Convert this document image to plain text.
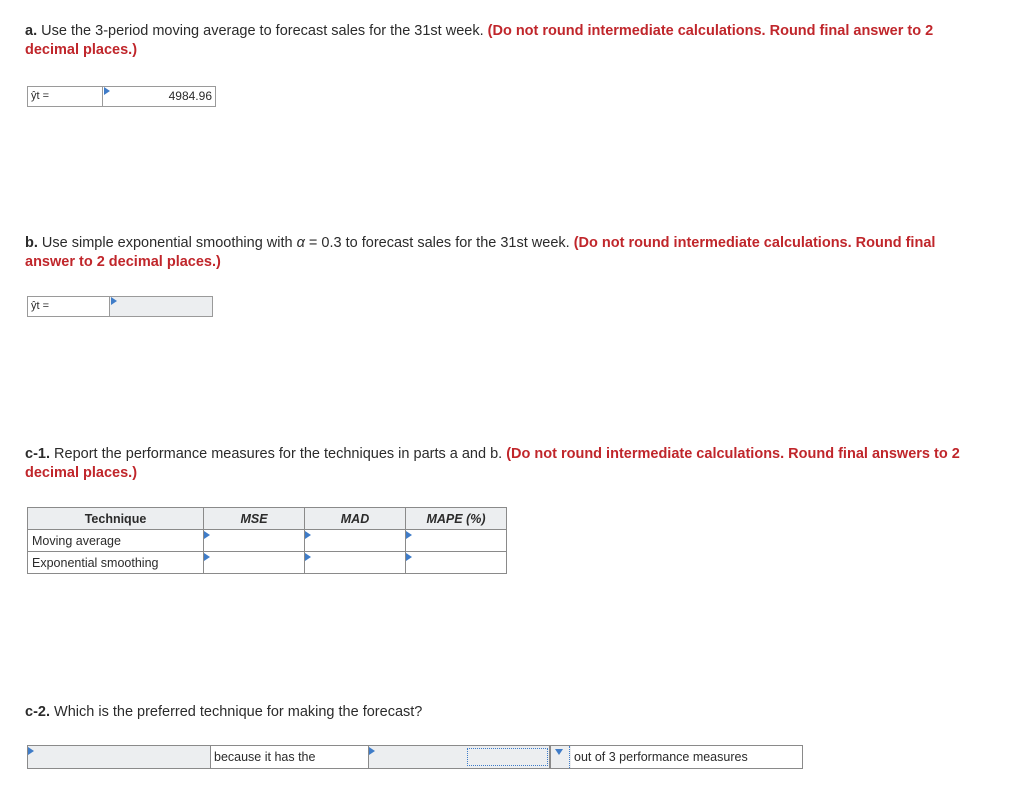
a. Use the 3-period moving average to forecast sales for the 31st week. (Do not round intermediate calculations. Round final answer to 2 decimal places.)
ŷt =	4984.96
b. Use simple exponential smoothing with α = 0.3 to forecast sales for the 31st week. (Do not round intermediate calculations. Round final answer to 2 decimal places.)
ŷt =
c-1. Report the performance measures for the techniques in parts a and b. (Do not round intermediate calculations. Round final answers to 2 decimal places.)
Technique	MSE	MAD	MAPE (%)
Moving average	

Exponential smoothing	

c-2. Which is the preferred technique for making the forecast?
because it has the	out of 3 performance measures
